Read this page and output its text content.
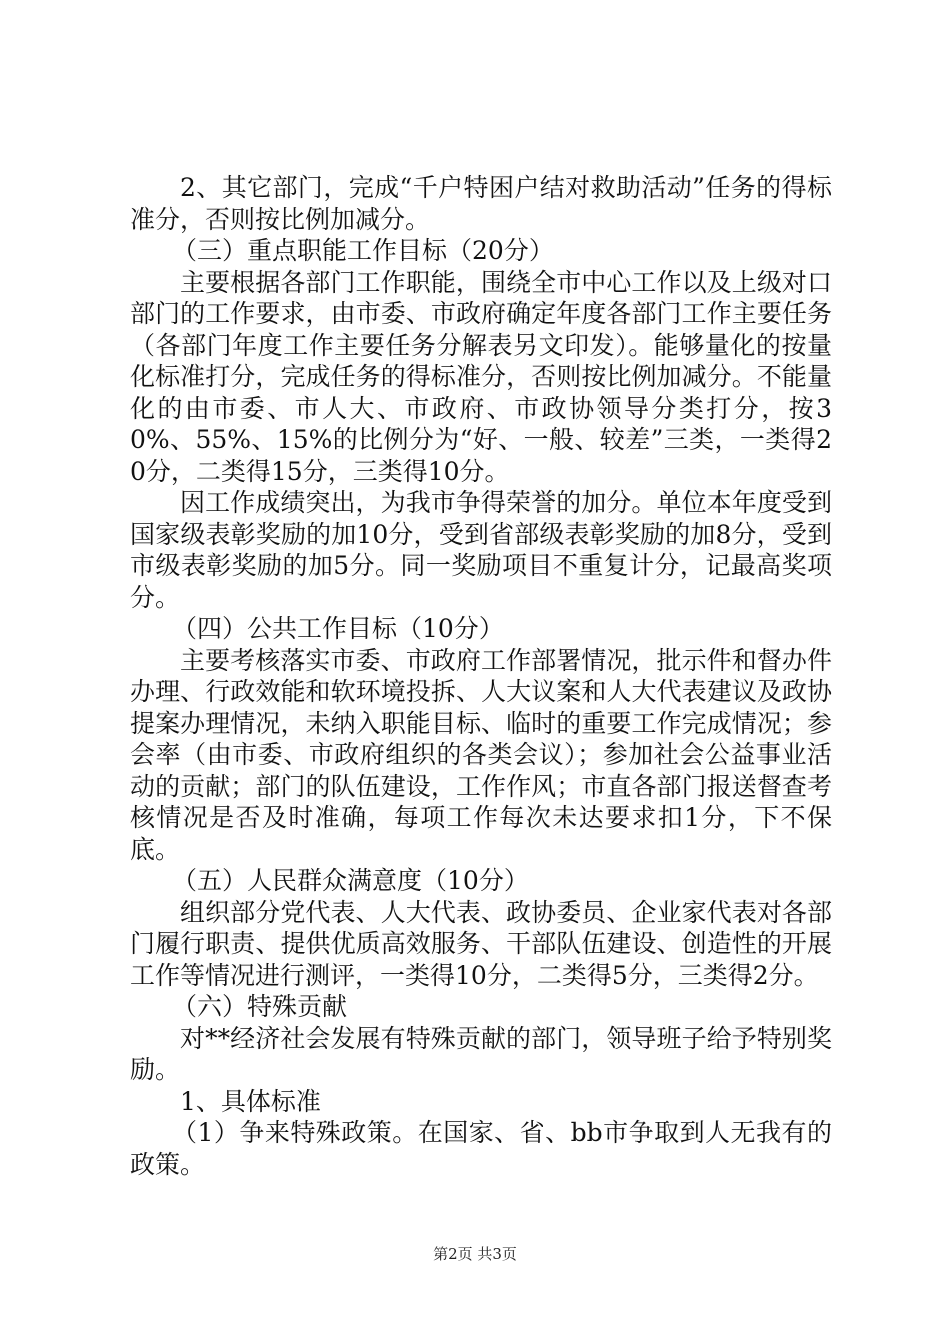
2、其它部门，完成“千户特困户结对救助活动”任务的得标准分，否则按比例加减分。

（三）重点职能工作目标（20分）

主要根据各部门工作职能，围绕全市中心工作以及上级对口部门的工作要求，由市委、市政府确定年度各部门工作主要任务（各部门年度工作主要任务分解表另文印发）。能够量化的按量化标准打分，完成任务的得标准分，否则按比例加减分。不能量化的由市委、市人大、市政府、市政协领导分类打分，按30%、55%、15%的比例分为“好、一般、较差”三类，一类得20分，二类得15分，三类得10分。

因工作成绩突出，为我市争得荣誉的加分。单位本年度受到国家级表彰奖励的加10分，受到省部级表彰奖励的加8分，受到市级表彰奖励的加5分。同一奖励项目不重复计分，记最高奖项分。

（四）公共工作目标（10分）

主要考核落实市委、市政府工作部署情况，批示件和督办件办理、行政效能和软环境投拆、人大议案和人大代表建议及政协提案办理情况，未纳入职能目标、临时的重要工作完成情况；参会率（由市委、市政府组织的各类会议）；参加社会公益事业活动的贡献；部门的队伍建设，工作作风；市直各部门报送督查考核情况是否及时准确，每项工作每次未达要求扣1分，下不保底。

（五）人民群众满意度（10分）

组织部分党代表、人大代表、政协委员、企业家代表对各部门履行职责、提供优质高效服务、干部队伍建设、创造性的开展工作等情况进行测评，一类得10分，二类得5分，三类得2分。

（六）特殊贡献

对**经济社会发展有特殊贡献的部门，领导班子给予特别奖励。

1、具体标准

（1）争来特殊政策。在国家、省、bb市争取到人无我有的政策。

第2页 共3页
